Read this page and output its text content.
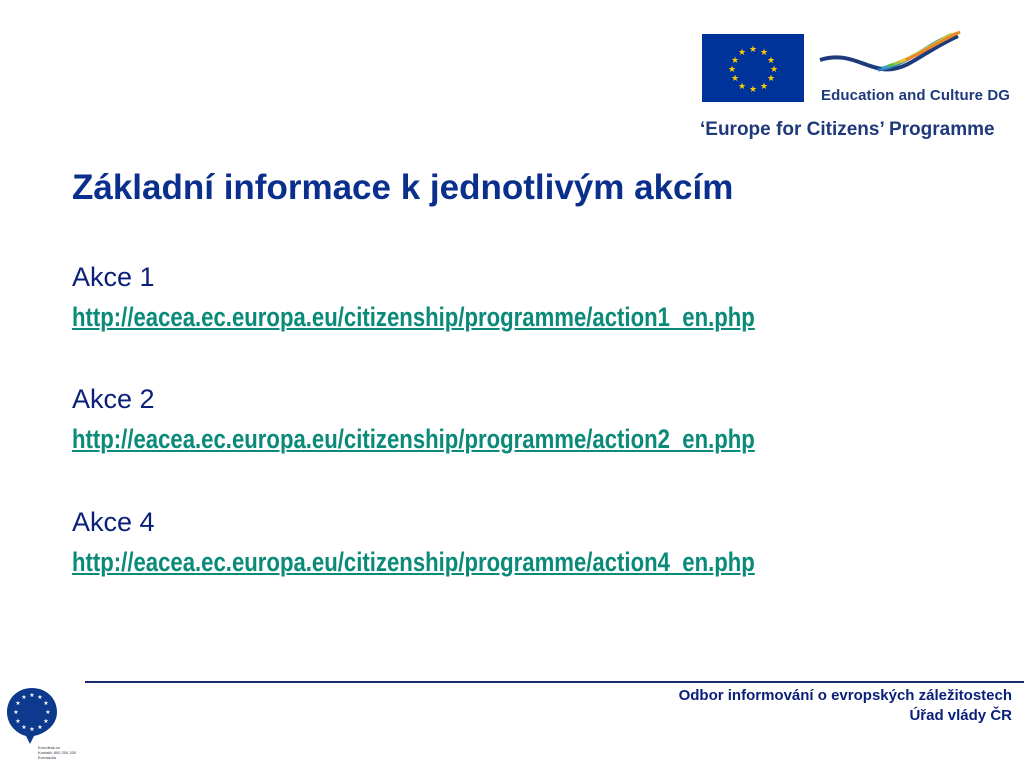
★ ★
★
★
★
★
★
★
★
★
★
★
Education and Culture DG
‘Europe for Citizens’ Programme
Základní informace k jednotlivým akcím
Akce 1
http://eacea.ec.europa.eu/citizenship/programme/action1_en.php
Akce 2
http://eacea.ec.europa.eu/citizenship/programme/action2_en.php
Akce 4
http://eacea.ec.europa.eu/citizenship/programme/action4_en.php
★ ★
★
★
★
★
★
★
★
★
★
★
Eurodesk.cz
Kontakt: 800 200 200
Euroskola
Odbor informování o evropských záležitostech
Úřad vlády ČR
